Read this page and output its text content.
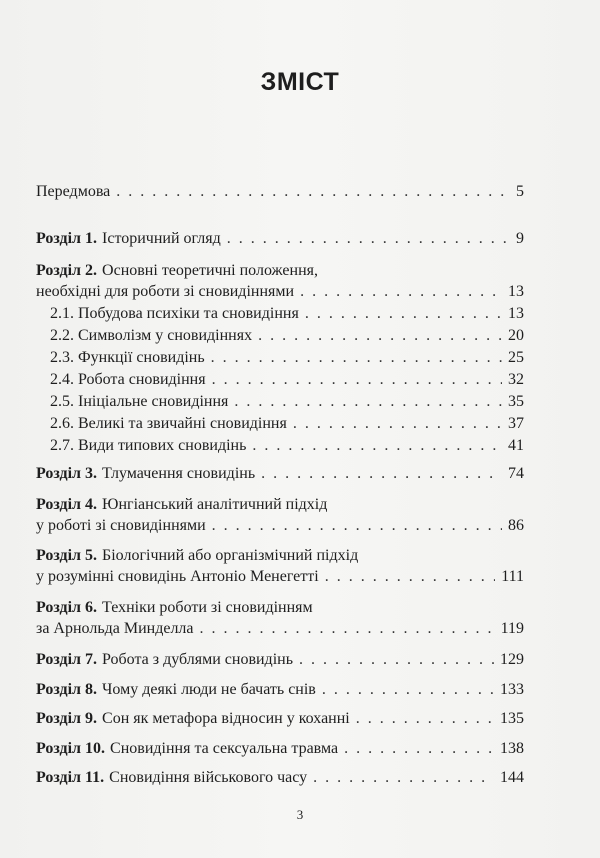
ЗМІСТ
Передмова . . .	5
Розділ 1. Історичний огляд . . .	9
Розділ 2. Основні теоретичні положення,
необхідні для роботи зі сновидіннями . . .	13
2.1. Побудова психіки та сновидіння . . .	13
2.2. Символізм у сновидіннях . . .	20
2.3. Функції сновидінь . . .	25
2.4. Робота сновидіння . . .	32
2.5. Ініціальне сновидіння . . .	35
2.6. Великі та звичайні сновидіння . . .	37
2.7. Види типових сновидінь . . .	41
Розділ 3. Тлумачення сновидінь . . .	74
Розділ 4. Юнгіанський аналітичний підхід
у роботі зі сновидіннями . . .	86
Розділ 5. Біологічний або організмічний підхід
у розумінні сновидінь Антоніо Менегетті . . .	111
Розділ 6. Техніки роботи зі сновидінням
за Арнольда Минделла . . .	119
Розділ 7. Робота з дублями сновидінь . . .	129
Розділ 8. Чому деякі люди не бачать снів . . .	133
Розділ 9. Сон як метафора відносин у коханні . . .	135
Розділ 10. Сновидіння та сексуальна травма . . .	138
Розділ 11. Сновидіння військового часу . . .	144
3
